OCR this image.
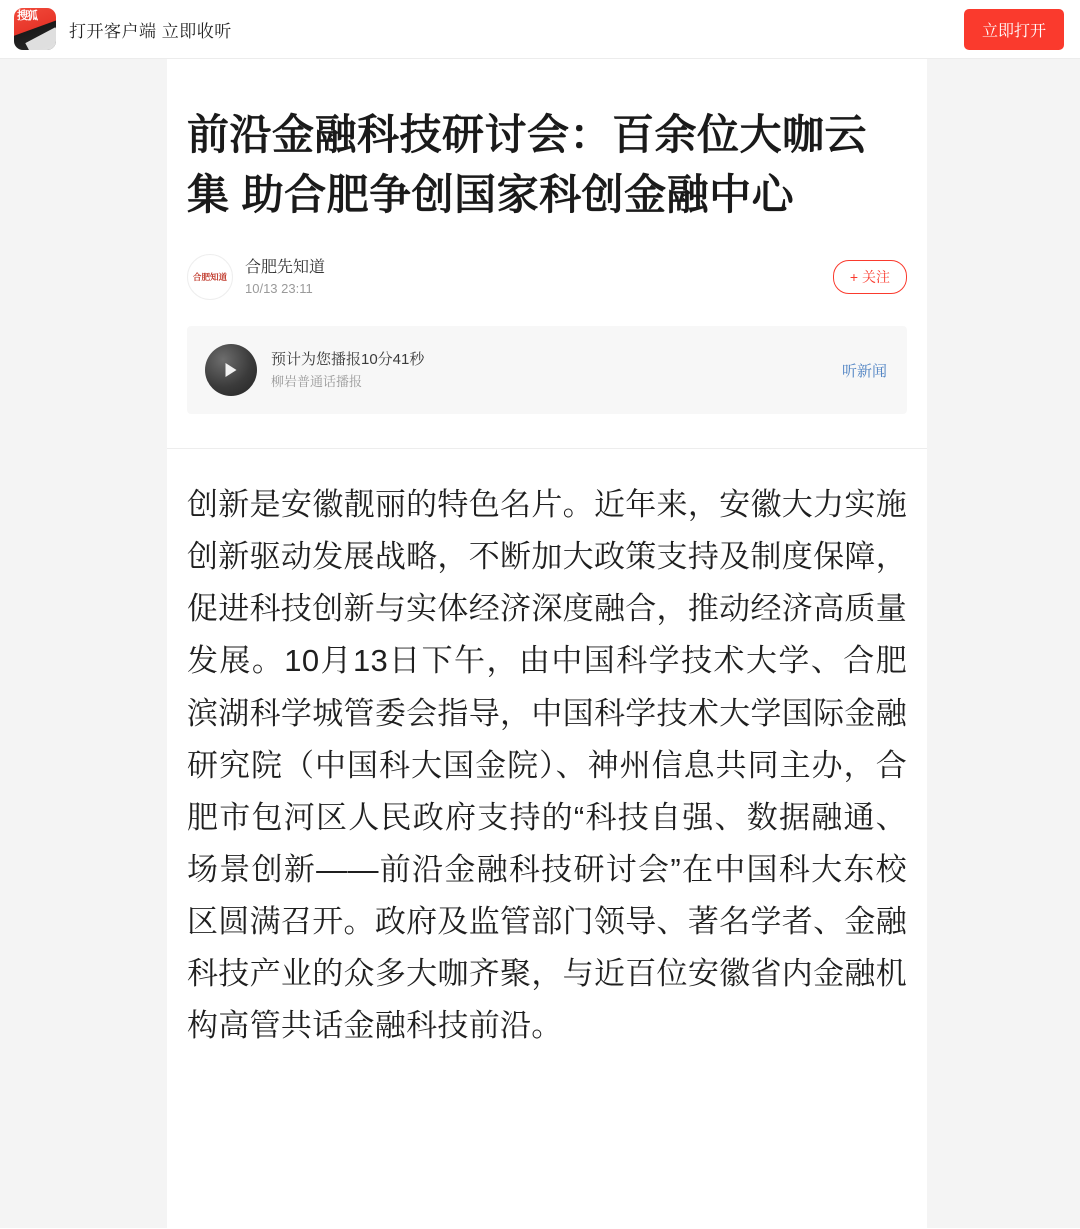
搜狐
打开客户端 立即收听	立即打开
前沿金融科技研讨会：百余位大咖云集 助合肥争创国家科创金融中心
合肥知道
合肥先知道
10/13 23:11
+ 关注
预计为您播报10分41秒
柳岩普通话播报
听新闻

创新是安徽靓丽的特色名片。近年来，安徽大力实施创新驱动发展战略，不断加大政策支持及制度保障，促进科技创新与实体经济深度融合，推动经济高质量发展。10月13日下午，由中国科学技术大学、合肥滨湖科学城管委会指导，中国科学技术大学国际金融研究院（中国科大国金院）、神州信息共同主办，合肥市包河区人民政府支持的“科技自强、数据融通、场景创新——前沿金融科技研讨会”在中国科大东校区圆满召开。政府及监管部门领导、著名学者、金融科技产业的众多大咖齐聚，与近百位安徽省内金融机构高管共话金融科技前沿。
